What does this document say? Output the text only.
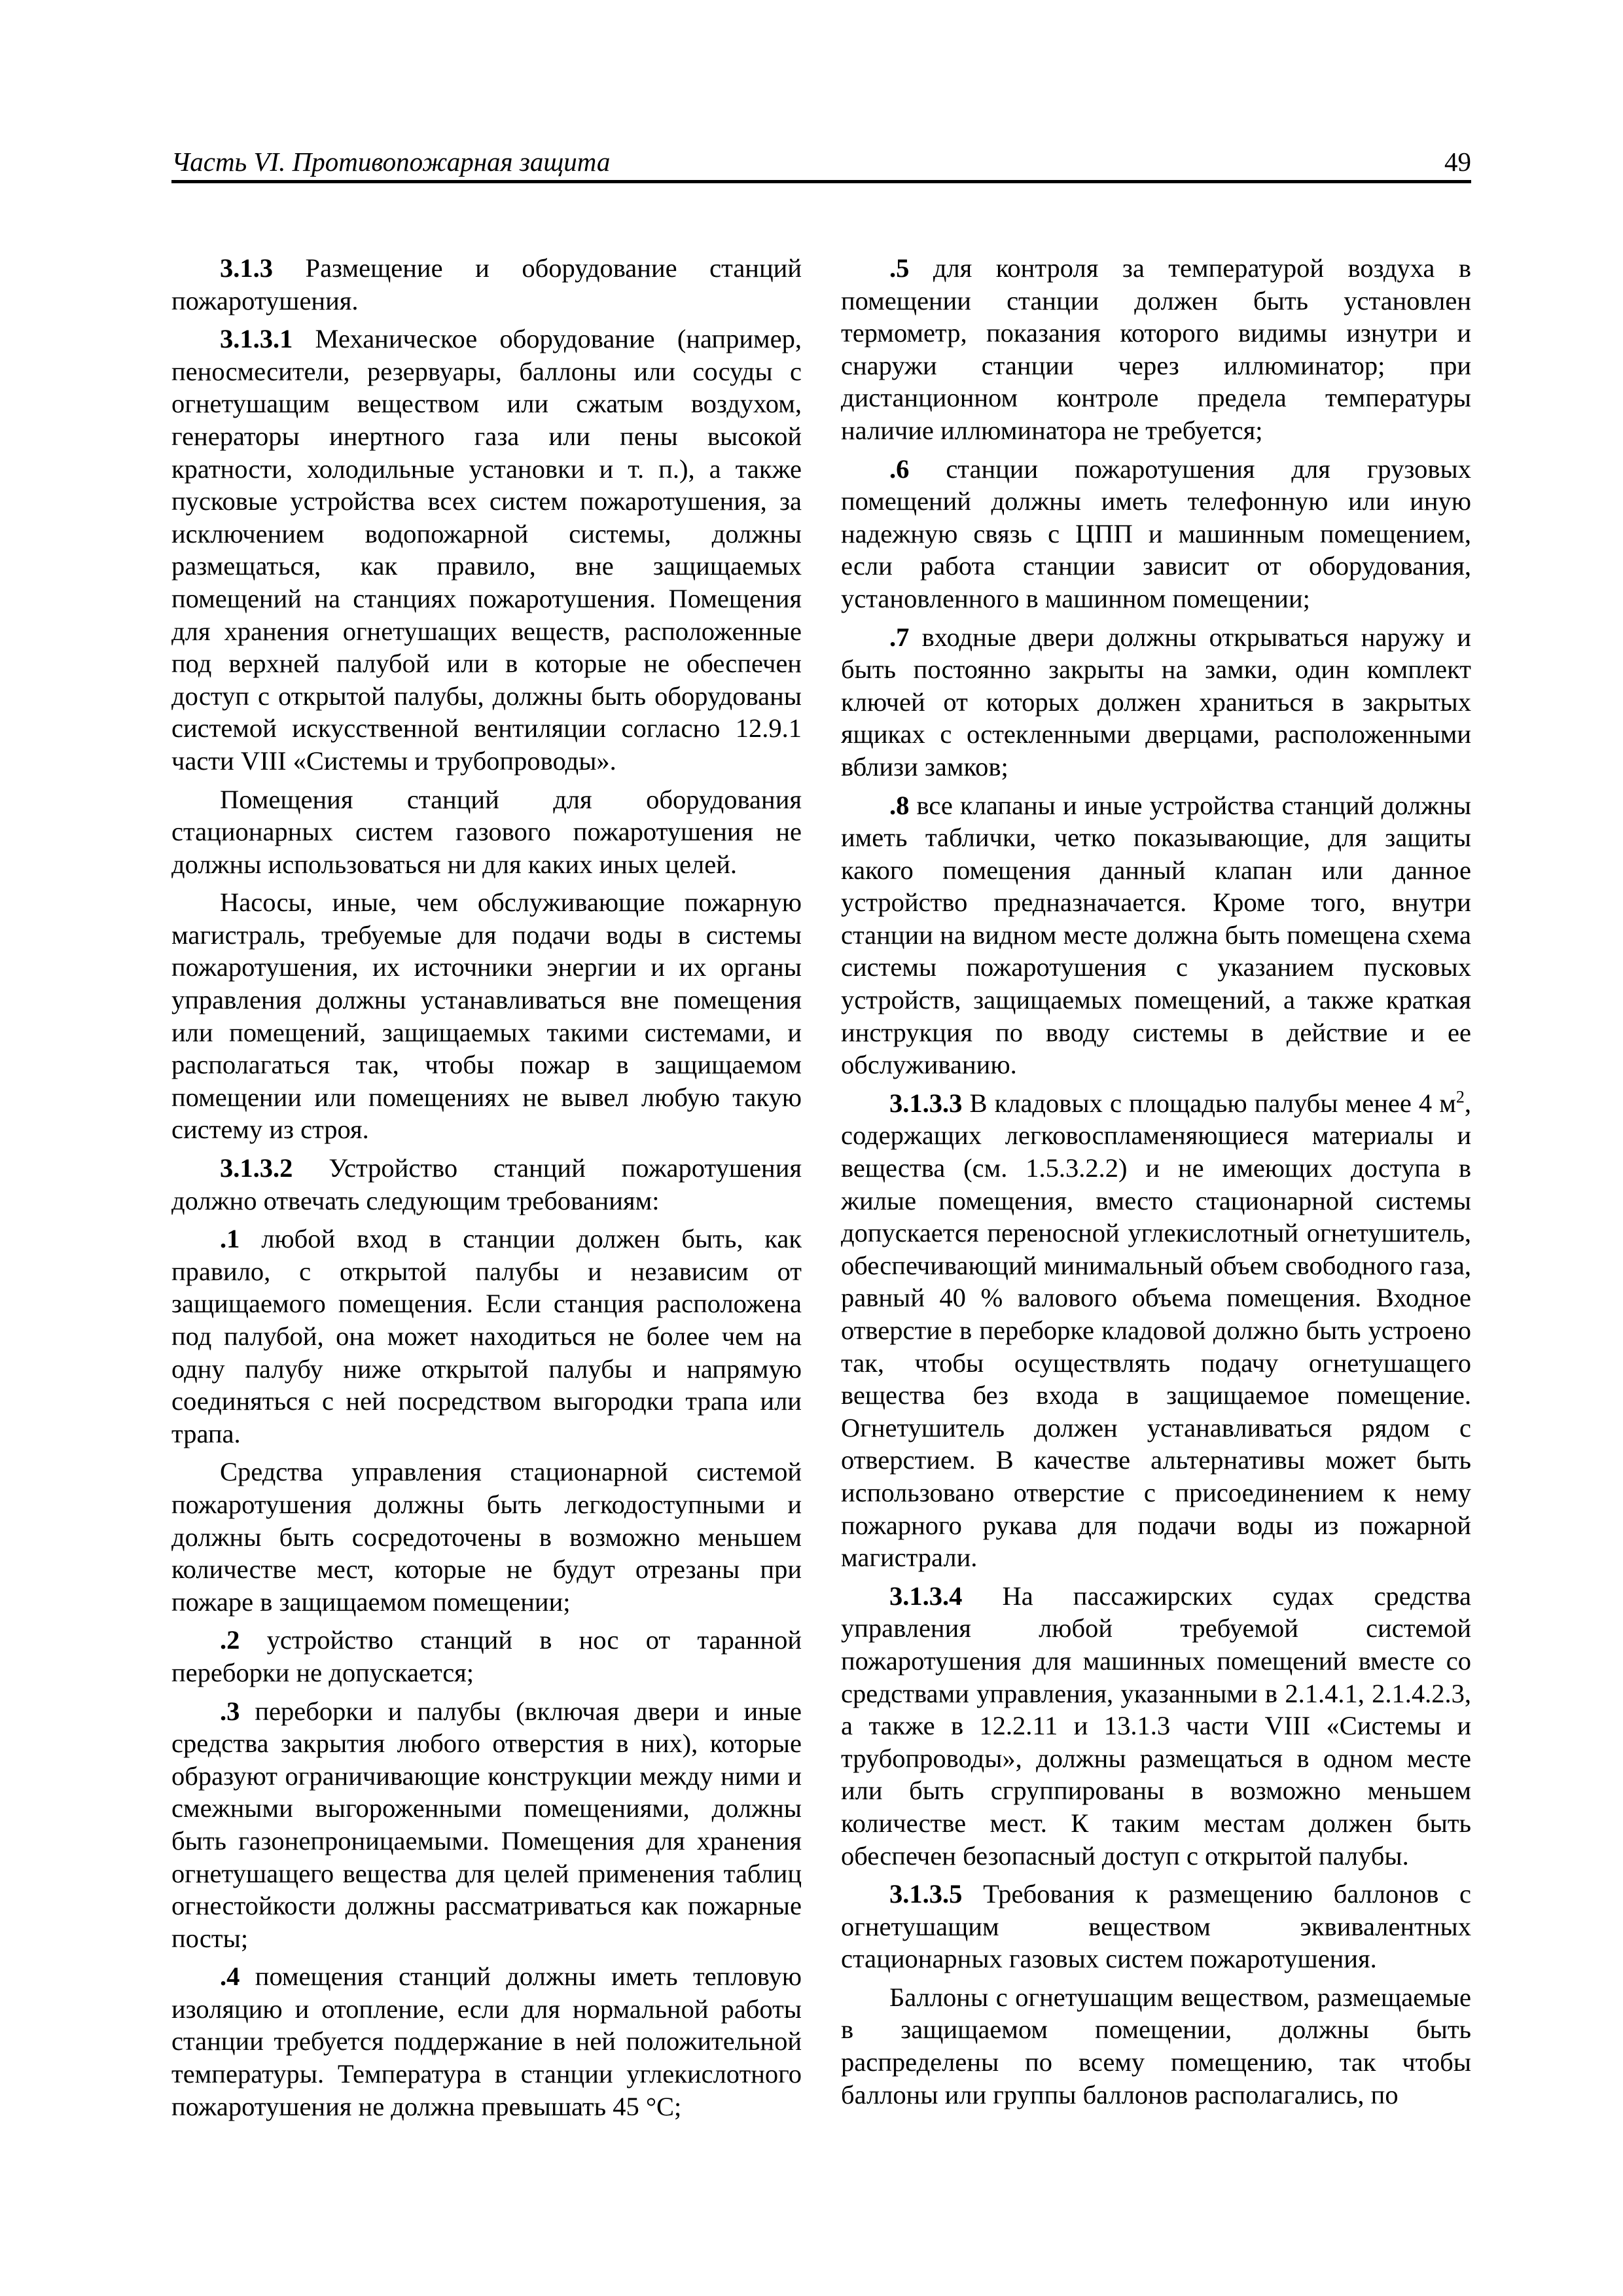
Часть VI. Противопожарная защита	49

3.1.3 Размещение и оборудование станций пожаротушения.

3.1.3.1 Механическое оборудование (например, пеносмесители, резервуары, баллоны или сосуды с огнетушащим веществом или сжатым воздухом, генераторы инертного газа или пены высокой кратности, холодильные установки и т. п.), а также пусковые устройства всех систем пожаротушения, за исключением водопожарной системы, должны размещаться, как правило, вне защищаемых помещений на станциях пожаротушения. Помещения для хранения огнетушащих веществ, расположенные под верхней палубой или в которые не обеспечен доступ с открытой палубы, должны быть оборудованы системой искусственной вентиляции согласно 12.9.1 части VIII «Системы и трубопроводы».

Помещения станций для оборудования стационарных систем газового пожаротушения не должны использоваться ни для каких иных целей.

Насосы, иные, чем обслуживающие пожарную магистраль, требуемые для подачи воды в системы пожаротушения, их источники энергии и их органы управления должны устанавливаться вне помещения или помещений, защищаемых такими системами, и располагаться так, чтобы пожар в защищаемом помещении или помещениях не вывел любую такую систему из строя.

3.1.3.2 Устройство станций пожаротушения должно отвечать следующим требованиям:

.1 любой вход в станции должен быть, как правило, с открытой палубы и независим от защищаемого помещения. Если станция расположена под палубой, она может находиться не более чем на одну палубу ниже открытой палубы и напрямую соединяться с ней посредством выгородки трапа или трапа.

Средства управления стационарной системой пожаротушения должны быть легкодоступными и должны быть сосредоточены в возможно меньшем количестве мест, которые не будут отрезаны при пожаре в защищаемом помещении;

.2 устройство станций в нос от таранной переборки не допускается;

.3 переборки и палубы (включая двери и иные средства закрытия любого отверстия в них), которые образуют ограничивающие конструкции между ними и смежными выгороженными помещениями, должны быть газонепроницаемыми. Помещения для хранения огнетушащего вещества для целей применения таблиц огнестойкости должны рассматриваться как пожарные посты;

.4 помещения станций должны иметь тепловую изоляцию и отопление, если для нормальной работы станции требуется поддержание в ней положительной температуры. Температура в станции углекислотного пожаротушения не должна превышать 45 °С;

.5 для контроля за температурой воздуха в помещении станции должен быть установлен термометр, показания которого видимы изнутри и снаружи станции через иллюминатор; при дистанционном контроле предела температуры наличие иллюминатора не требуется;

.6 станции пожаротушения для грузовых помещений должны иметь телефонную или иную надежную связь с ЦПП и машинным помещением, если работа станции зависит от оборудования, установленного в машинном помещении;

.7 входные двери должны открываться наружу и быть постоянно закрыты на замки, один комплект ключей от которых должен храниться в закрытых ящиках с остекленными дверцами, расположенными вблизи замков;

.8 все клапаны и иные устройства станций должны иметь таблички, четко показывающие, для защиты какого помещения данный клапан или данное устройство предназначается. Кроме того, внутри станции на видном месте должна быть помещена схема системы пожаротушения с указанием пусковых устройств, защищаемых помещений, а также краткая инструкция по вводу системы в действие и ее обслуживанию.

3.1.3.3 В кладовых с площадью палубы менее 4 $м^2$, содержащих легковоспламеняющиеся материалы и вещества (см. 1.5.3.2.2) и не имеющих доступа в жилые помещения, вместо стационарной системы допускается переносной углекислотный огнетушитель, обеспечивающий минимальный объем свободного газа, равный 40 % валового объема помещения. Входное отверстие в переборке кладовой должно быть устроено так, чтобы осуществлять подачу огнетушащего вещества без входа в защищаемое помещение. Огнетушитель должен устанавливаться рядом с отверстием. В качестве альтернативы может быть использовано отверстие с присоединением к нему пожарного рукава для подачи воды из пожарной магистрали.

3.1.3.4 На пассажирских судах средства управления любой требуемой системой пожаротушения для машинных помещений вместе со средствами управления, указанными в 2.1.4.1, 2.1.4.2.3, а также в 12.2.11 и 13.1.3 части VIII «Системы и трубопроводы», должны размещаться в одном месте или быть сгруппированы в возможно меньшем количестве мест. К таким местам должен быть обеспечен безопасный доступ с открытой палубы.

3.1.3.5 Требования к размещению баллонов с огнетушащим веществом эквивалентных стационарных газовых систем пожаротушения.

Баллоны с огнетушащим веществом, размещаемые в защищаемом помещении, должны быть распределены по всему помещению, так чтобы баллоны или группы баллонов располагались, по
